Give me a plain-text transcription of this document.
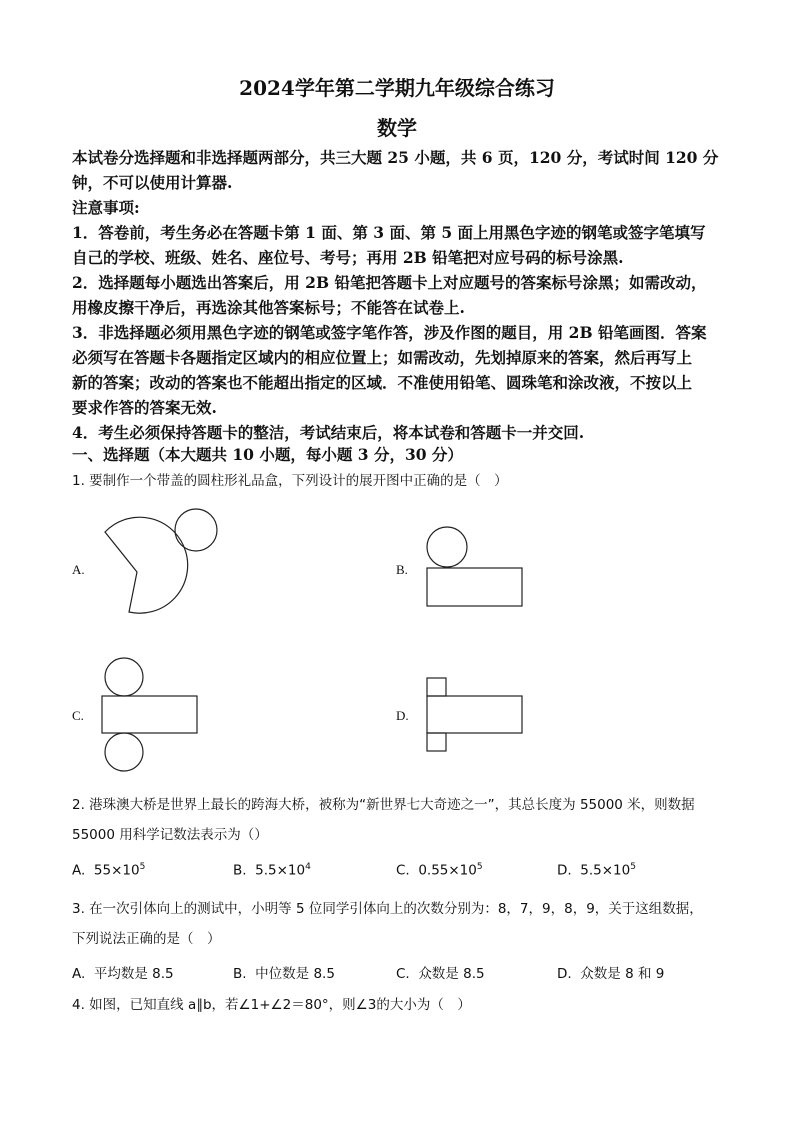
2024学年第二学期九年级综合练习
数学
本试卷分选择题和非选择题两部分，共三大题 25 小题，共 6 页，120 分，考试时间 120 分
钟，不可以使用计算器.
注意事项:
1．答卷前，考生务必在答题卡第 1 面、第 3 面、第 5 面上用黑色字迹的钢笔或签字笔填写
自己的学校、班级、姓名、座位号、考号；再用 2B 铅笔把对应号码的标号涂黑.
2．选择题每小题选出答案后，用 2B 铅笔把答题卡上对应题号的答案标号涂黑；如需改动，
用橡皮擦干净后，再选涂其他答案标号；不能答在试卷上.
3．非选择题必须用黑色字迹的钢笔或签字笔作答，涉及作图的题目，用 2B 铅笔画图．答案
必须写在答题卡各题指定区域内的相应位置上；如需改动，先划掉原来的答案，然后再写上
新的答案；改动的答案也不能超出指定的区域．不准使用铅笔、圆珠笔和涂改液，不按以上
要求作答的答案无效.
4．考生必须保持答题卡的整洁，考试结束后，将本试卷和答题卡一并交回.
一、选择题（本大题共 10 小题，每小题 3 分，30 分）
1. 要制作一个带盖的圆柱形礼品盒，下列设计的展开图中正确的是（　）
A.	B.
C.	D.
2. 港珠澳大桥是世界上最长的跨海大桥，被称为“新世界七大奇迹之一”，其总长度为 55000 米，则数据
55000 用科学记数法表示为（）
A. $55\times 10^5$	B. $5.5\times 10^4$	C. $0.55\times 10^5$	D. $5.5\times 10^5$
3. 在一次引体向上的测试中，小明等 5 位同学引体向上的次数分别为：8，7，9，8，9，关于这组数据，
下列说法正确的是（　）
A. 平均数是 8.5	B. 中位数是 8.5	C. 众数是 8.5	D. 众数是 8 和 9
4. 如图，已知直线 a∥b，若∠1+∠2＝80°，则∠3的大小为（　）
